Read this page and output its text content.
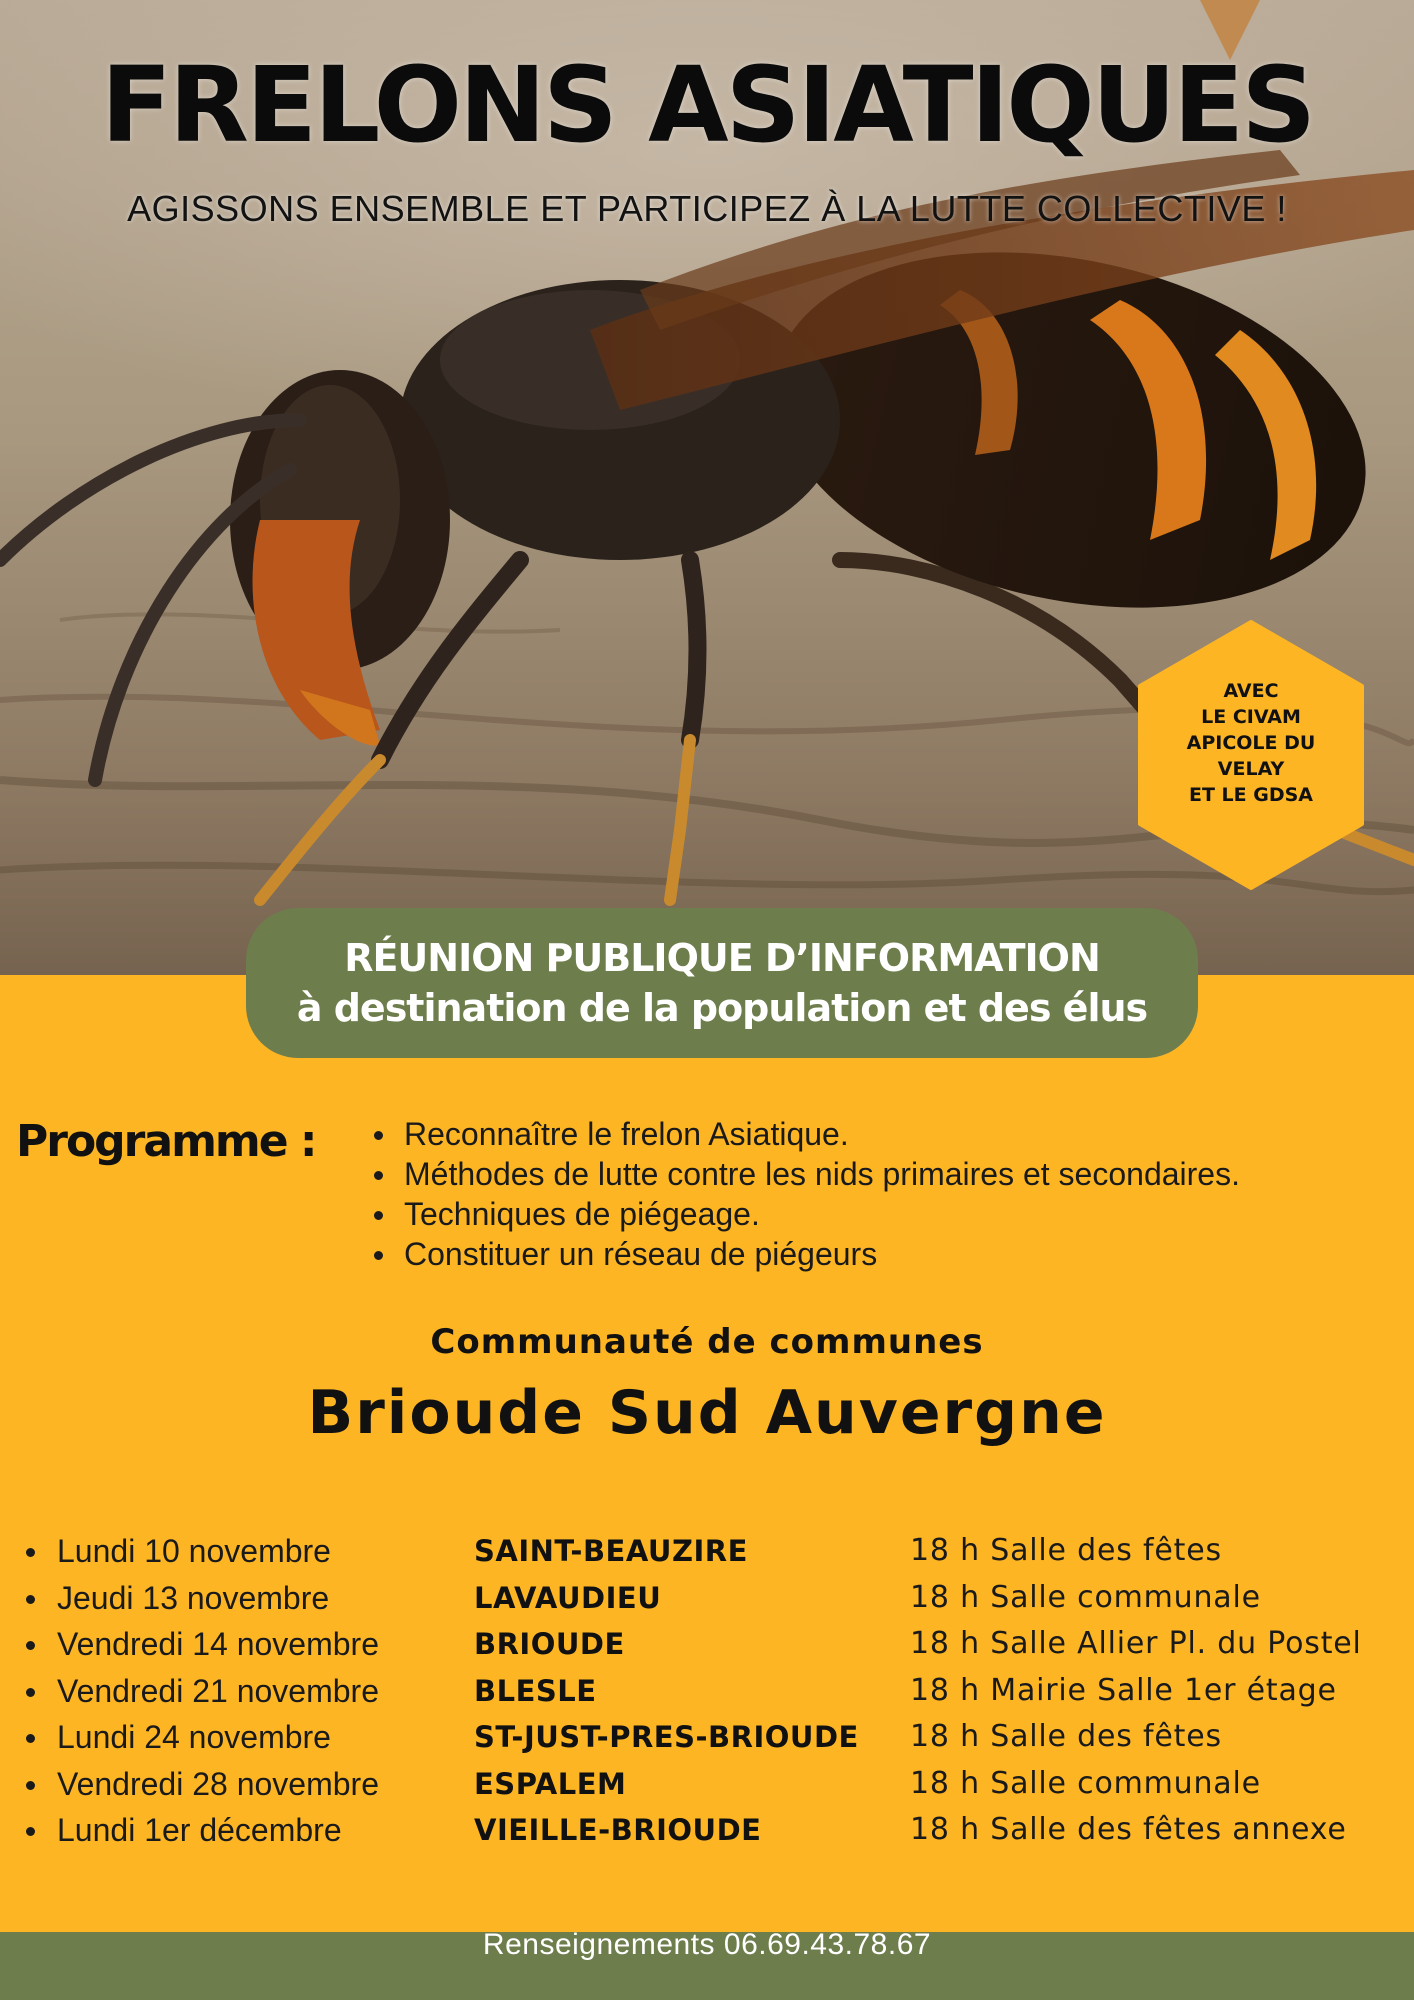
FRELONS ASIATIQUES
AGISSONS ENSEMBLE ET PARTICIPEZ À LA LUTTE COLLECTIVE !
AVEC
LE CIVAM
APICOLE DU
VELAY
ET LE GDSA
RÉUNION PUBLIQUE D’INFORMATION
à destination de la population et des élus
Programme :	Reconnaître le frelon Asiatique.
Méthodes de lutte contre les nids primaires et secondaires.
Techniques de piégeage.
Constituer un réseau de piégeurs
Communauté de communes
Brioude Sud Auvergne
Lundi 10 novembre	SAINT-BEAUZIRE	18 h Salle des fêtes
Jeudi 13 novembre	LAVAUDIEU	18 h Salle communale
Vendredi 14 novembre	BRIOUDE	18 h Salle Allier Pl. du Postel
Vendredi 21 novembre	BLESLE	18 h Mairie Salle 1er étage
Lundi 24 novembre	ST-JUST-PRES-BRIOUDE 18 h Salle des fêtes
Vendredi 28 novembre	ESPALEM	18 h Salle communale
Lundi 1er décembre	VIEILLE-BRIOUDE	18 h Salle des fêtes annexe
Renseignements 06.69.43.78.67
